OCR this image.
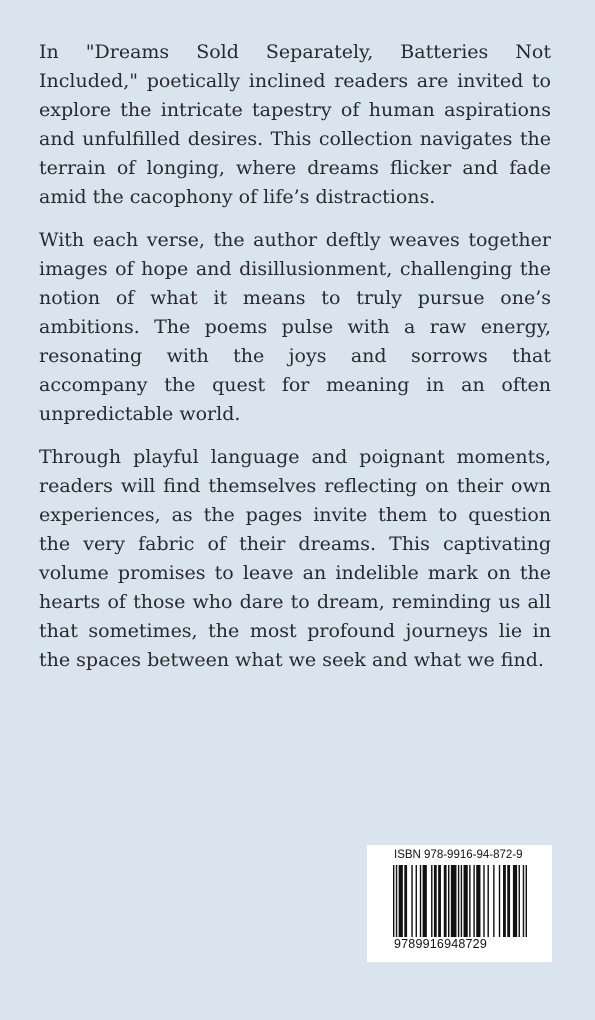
In "Dreams Sold Separately, Batteries Not Included," poetically inclined readers are invited to explore the intricate tapestry of human aspirations and unfulfilled desires. This collection navigates the terrain of longing, where dreams flicker and fade amid the cacophony of life’s distractions.

With each verse, the author deftly weaves together images of hope and disillusionment, challenging the notion of what it means to truly pursue one’s ambitions. The poems pulse with a raw energy, resonating with the joys and sorrows that accompany the quest for meaning in an often unpredictable world.

Through playful language and poignant moments, readers will find themselves reflecting on their own experiences, as the pages invite them to question the very fabric of their dreams. This captivating volume promises to leave an indelible mark on the hearts of those who dare to dream, reminding us all that sometimes, the most profound journeys lie in the spaces between what we seek and what we find.

ISBN 978-9916-94-872-9
9789916948729
